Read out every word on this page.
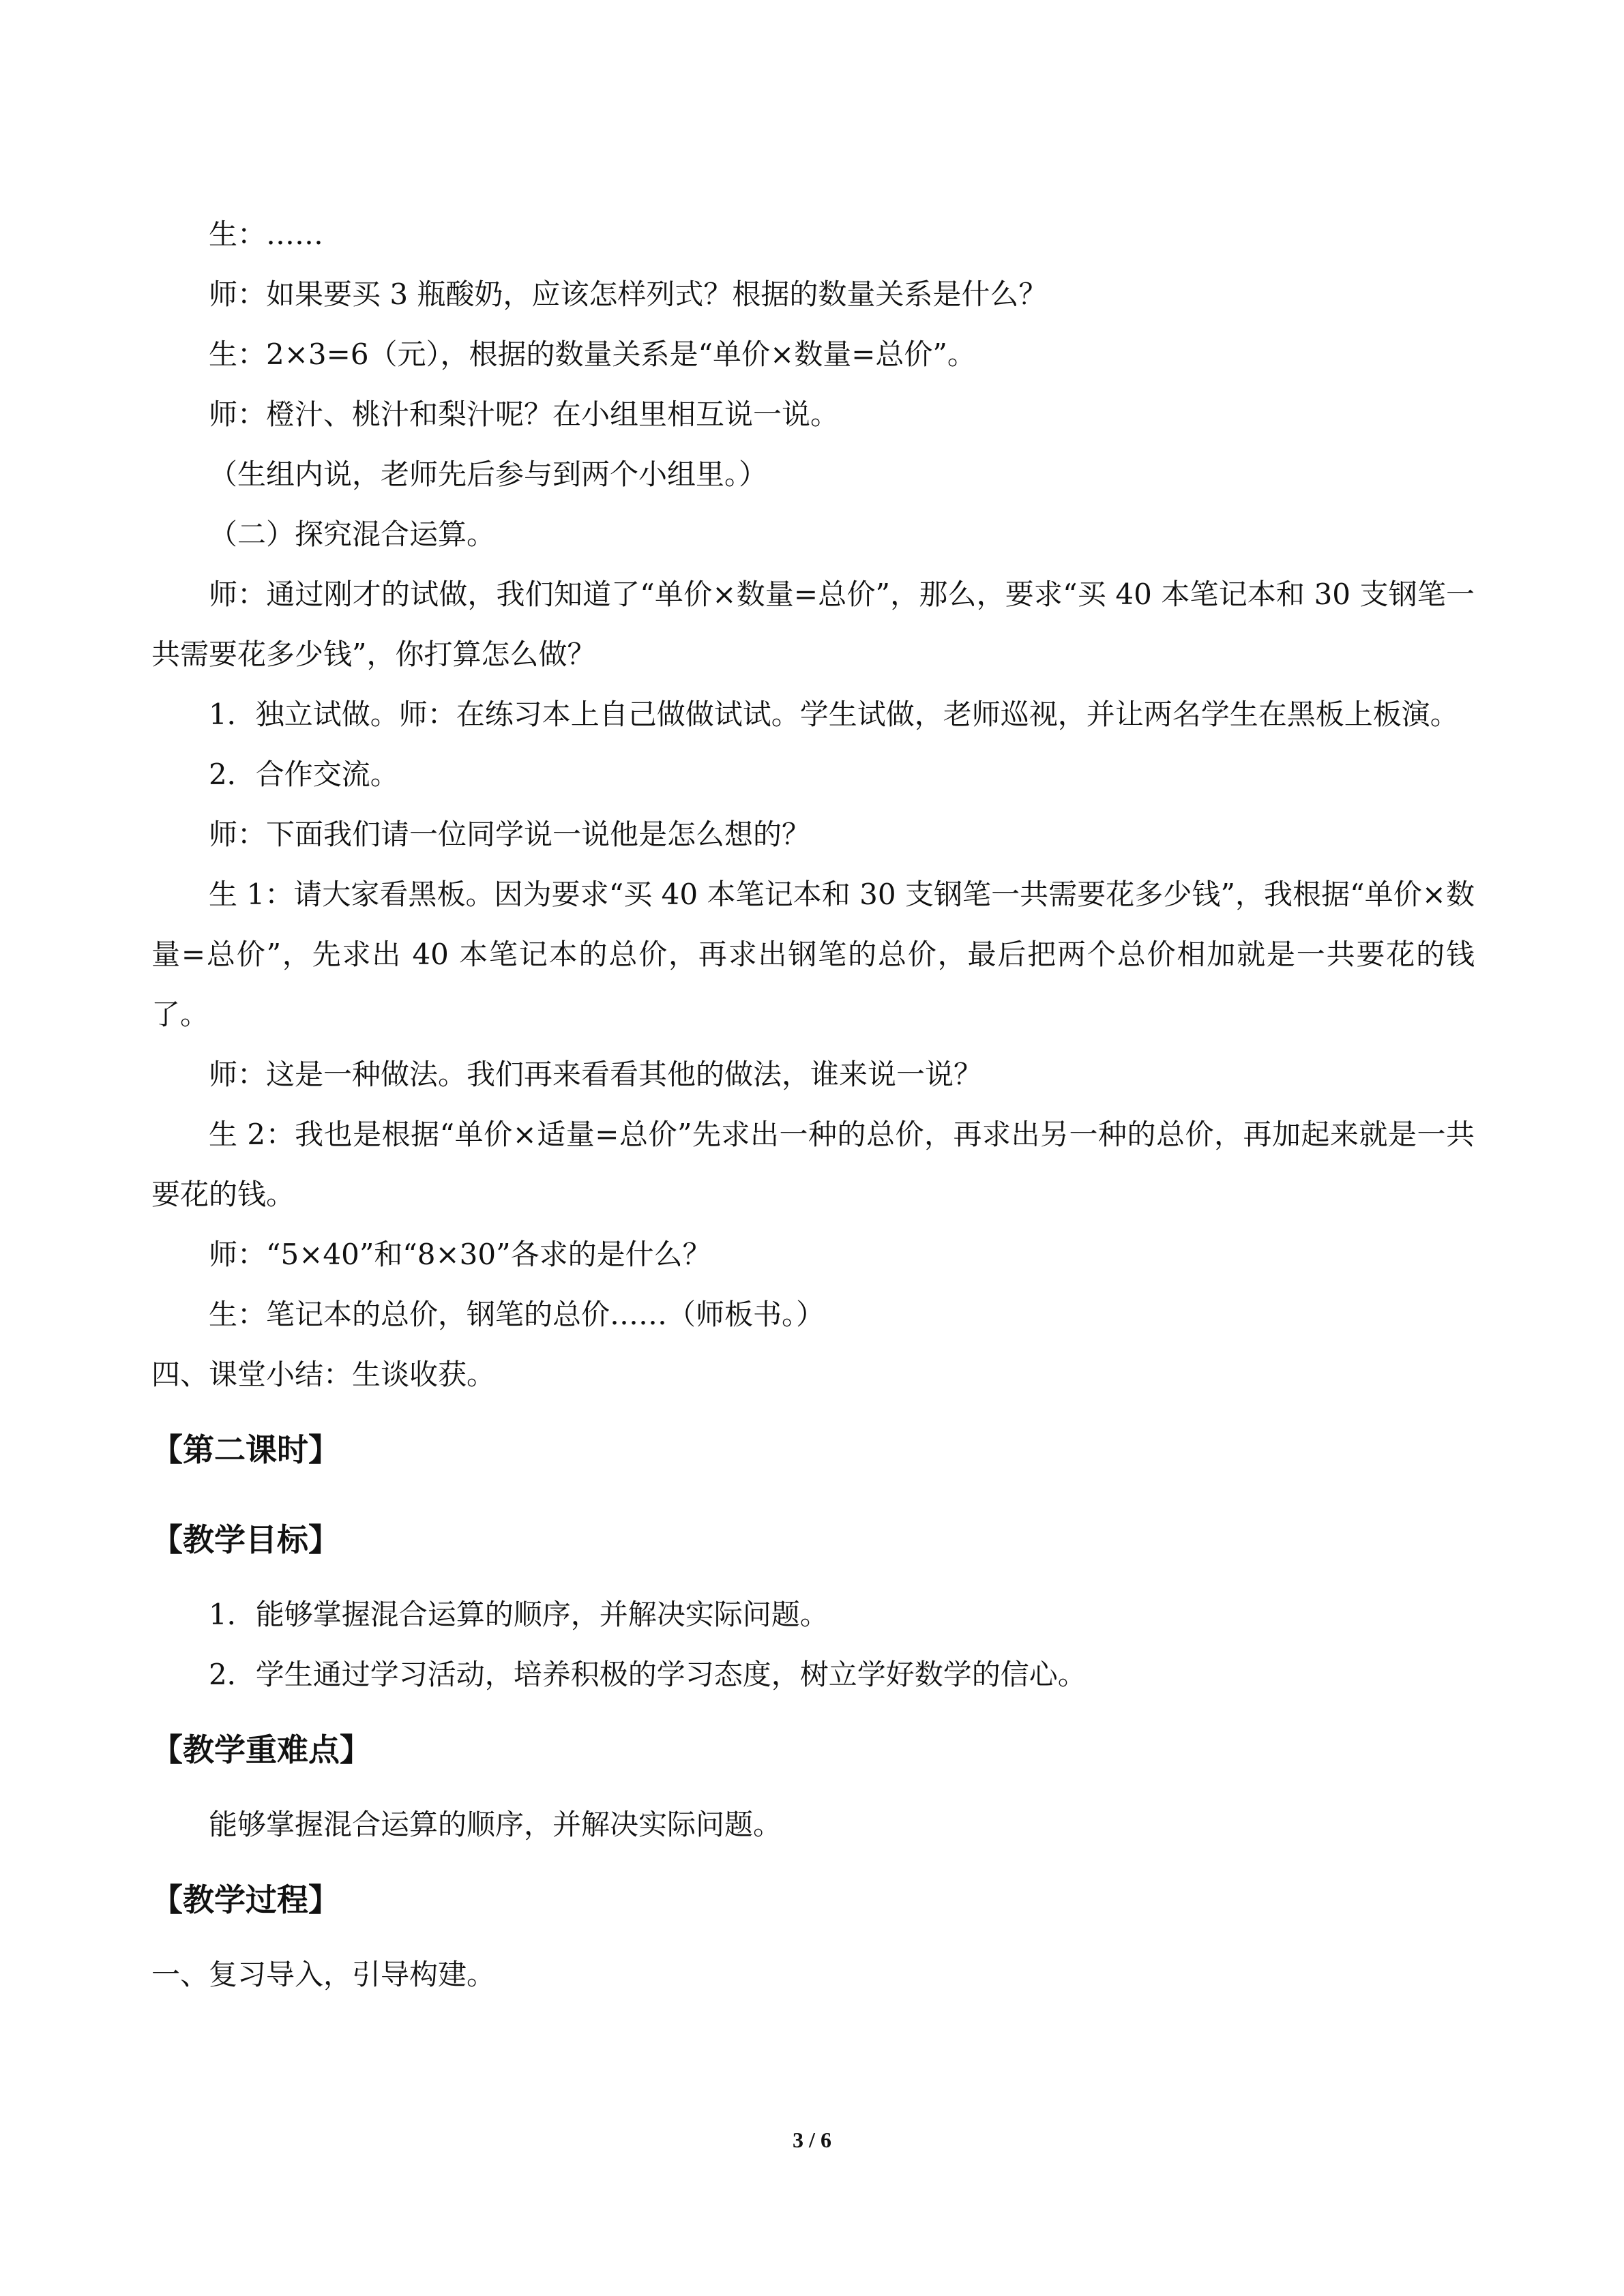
生：……
师：如果要买 3 瓶酸奶，应该怎样列式？根据的数量关系是什么？
生：2×3=6（元），根据的数量关系是“单价×数量=总价”。
师：橙汁、桃汁和梨汁呢？在小组里相互说一说。
（生组内说，老师先后参与到两个小组里。）
（二）探究混合运算。
师：通过刚才的试做，我们知道了“单价×数量=总价”，那么，要求“买 40 本笔记本和 30 支钢笔一共需要花多少钱”，你打算怎么做？
1．独立试做。师：在练习本上自己做做试试。学生试做，老师巡视，并让两名学生在黑板上板演。
2．合作交流。
师：下面我们请一位同学说一说他是怎么想的？
生 1：请大家看黑板。因为要求“买 40 本笔记本和 30 支钢笔一共需要花多少钱”，我根据“单价×数量=总价”，先求出 40 本笔记本的总价，再求出钢笔的总价，最后把两个总价相加就是一共要花的钱了。
师：这是一种做法。我们再来看看其他的做法，谁来说一说？
生 2：我也是根据“单价×适量=总价”先求出一种的总价，再求出另一种的总价，再加起来就是一共要花的钱。
师：“5×40”和“8×30”各求的是什么？
生：笔记本的总价，钢笔的总价……（师板书。）
四、课堂小结：生谈收获。
【第二课时】
【教学目标】
1．能够掌握混合运算的顺序，并解决实际问题。
2．学生通过学习活动，培养积极的学习态度，树立学好数学的信心。
【教学重难点】
能够掌握混合运算的顺序，并解决实际问题。
【教学过程】
一、复习导入，引导构建。
3 / 6
